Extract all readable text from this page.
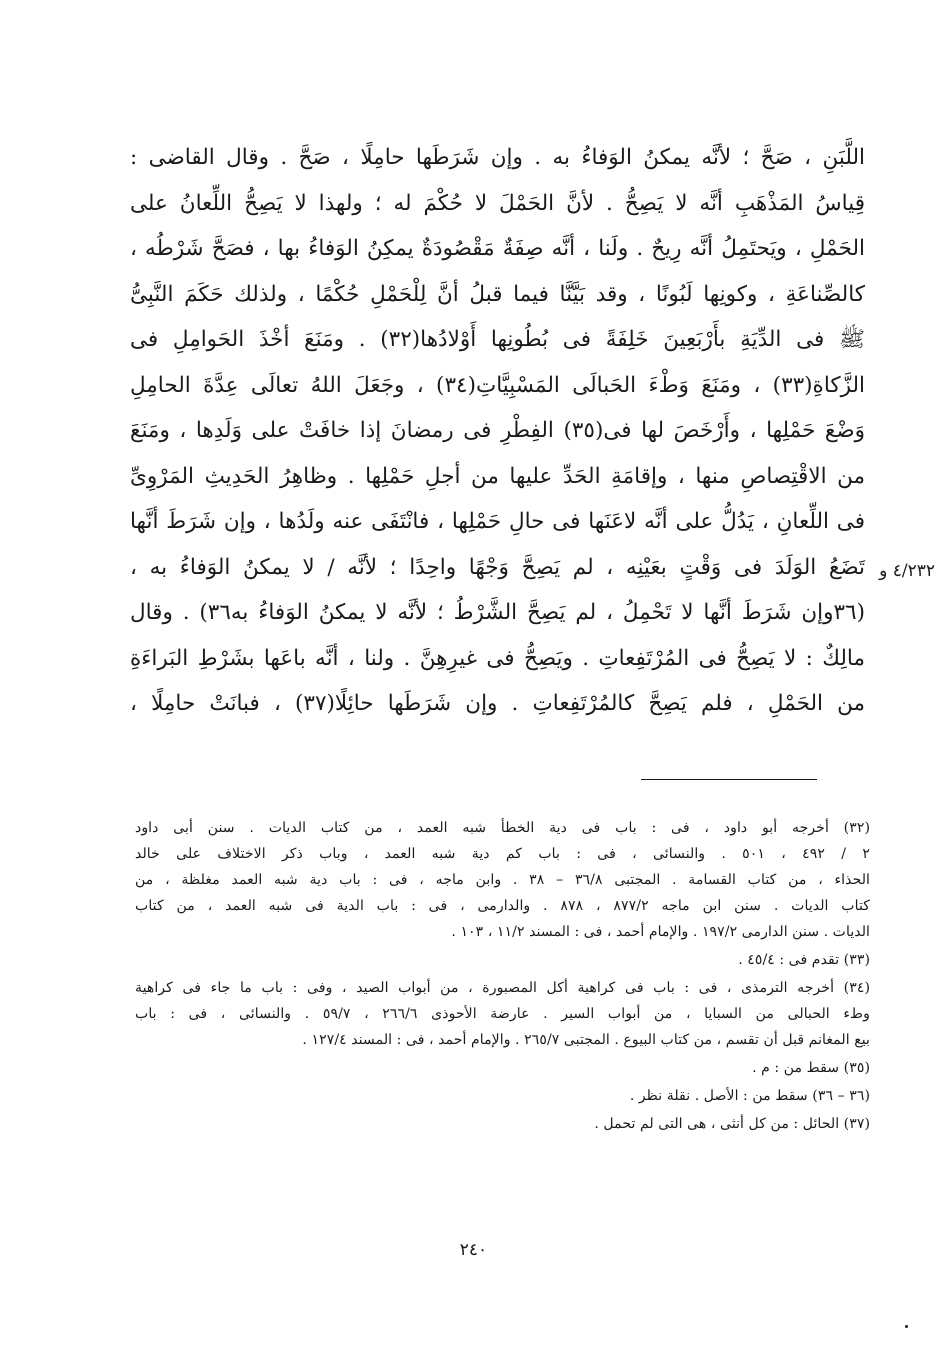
اللَّبَنِ ، صَحَّ ؛ لأنَّه يمكنُ الوَفاءُ به . وإن شَرَطَها حامِلًا ، صَحَّ . وقال القاضى :
قِياسُ المَذْهَبِ أنَّه لا يَصِحُّ . لأنَّ الحَمْلَ لا حُكْمَ له ؛ ولهذا لا يَصِحُّ اللِّعانُ على
الحَمْلِ ، ويَحتَمِلُ أنَّه رِيحٌ . ولَنا ، أنَّه صِفَةٌ مَقْصُودَةٌ يمكِنُ الوَفاءُ بها ، فصَحَّ شَرْطُه ،
كالصِّناعَةِ ، وكونِها لَبُونًا ، وقد بَيَّنَّا فيما قبلُ أنَّ لِلْحَمْلِ حُكْمًا ، ولذلك حَكَمَ النَّبِىُّ
ﷺ فى الدِّيَةِ بأَرْبَعِينَ خَلِفَةً فى بُطُونِها أَوْلادُها(٣٢) . ومَنَعَ أخْذَ الحَوامِلِ فى
الزَّكاةِ(٣٣) ، ومَنَعَ وَطْءَ الحَبالَى المَسْبِيَّاتِ(٣٤) ، وجَعَلَ اللهُ تعالَى عِدَّةَ الحامِلِ
وَضْعَ حَمْلِها ، وأَرْخَصَ لها فى(٣٥) الفِطْرِ فى رمضانَ إذا خافَتْ على وَلَدِها ، ومَنَعَ
من الاقْتِصاصِ منها ، وإقامَةِ الحَدِّ عليها من أجلِ حَمْلِها . وظاهِرُ الحَدِيثِ المَرْوِىِّ
فى اللِّعانِ ، يَدُلُّ على أنَّه لاعَنَها فى حالِ حَمْلِها ، فانْتَفَى عنه ولَدُها ، وإن شَرَطَ أنَّها
تَضَعُ الوَلَدَ فى وَقْتٍ بعَيْنِه ، لم يَصِحَّ وَجْهًا واحِدًا ؛ لأنَّه / لا يمكنُ الوَفاءُ به ،
(٣٦وإن شَرَطَ أنَّها لا تَحْمِلُ ، لم يَصِحَّ الشَّرْطُ ؛ لأنَّه لا يمكنُ الوَفاءُ به٣٦) . وقال
مالِكٌ : لا يَصِحُّ فى المُرْتَفِعاتِ . ويَصِحُّ فى غيرِهِنَّ . ولنا ، أنَّه باعَها بشَرْطِ البَراءَةِ
من الحَمْلِ ، فلم يَصِحَّ كالمُرْتَفِعاتِ . وإن شَرَطَها حائِلًا(٣٧) ، فبانَتْ حامِلًا ،
٤/٢٣٢ و
(٣٢) أخرجه أبو داود ، فى : باب فى دية الخطأ شبه العمد ، من كتاب الديات . سنن أبى داود
٢ / ٤٩٢ ، ٥٠١ . والنسائى ، فى : باب كم دية شبه العمد ، وباب ذكر الاختلاف على خالد
الحذاء ، من كتاب القسامة . المجتبى ٣٦/٨ – ٣٨ . وابن ماجه ، فى : باب دية شبه العمد مغلظة ، من
كتاب الديات . سنن ابن ماجه ٨٧٧/٢ ، ٨٧٨ . والدارمى ، فى : باب الدية فى شبه العمد ، من كتاب
الديات . سنن الدارمى ١٩٧/٢ . والإمام أحمد ، فى : المسند ١١/٢ ، ١٠٣ .
(٣٣) تقدم فى : ٤٥/٤ .
(٣٤) أخرجه الترمذى ، فى : باب فى كراهية أكل المصبورة ، من أبواب الصيد ، وفى : باب ما جاء فى كراهية
وطء الحبالى من السبايا ، من أبواب السير . عارضة الأحوذى ٢٦٦/٦ ، ٥٩/٧ . والنسائى ، فى : باب
بيع المغانم قبل أن تقسم ، من كتاب البيوع . المجتبى ٢٦٥/٧ . والإمام أحمد ، فى : المسند ١٢٧/٤ .
(٣٥) سقط من : م .
(٣٦ – ٣٦) سقط من : الأصل . نقلة نظر .
(٣٧) الحائل : من كل أنثى ، هى التى لم تحمل .
٢٤٠
